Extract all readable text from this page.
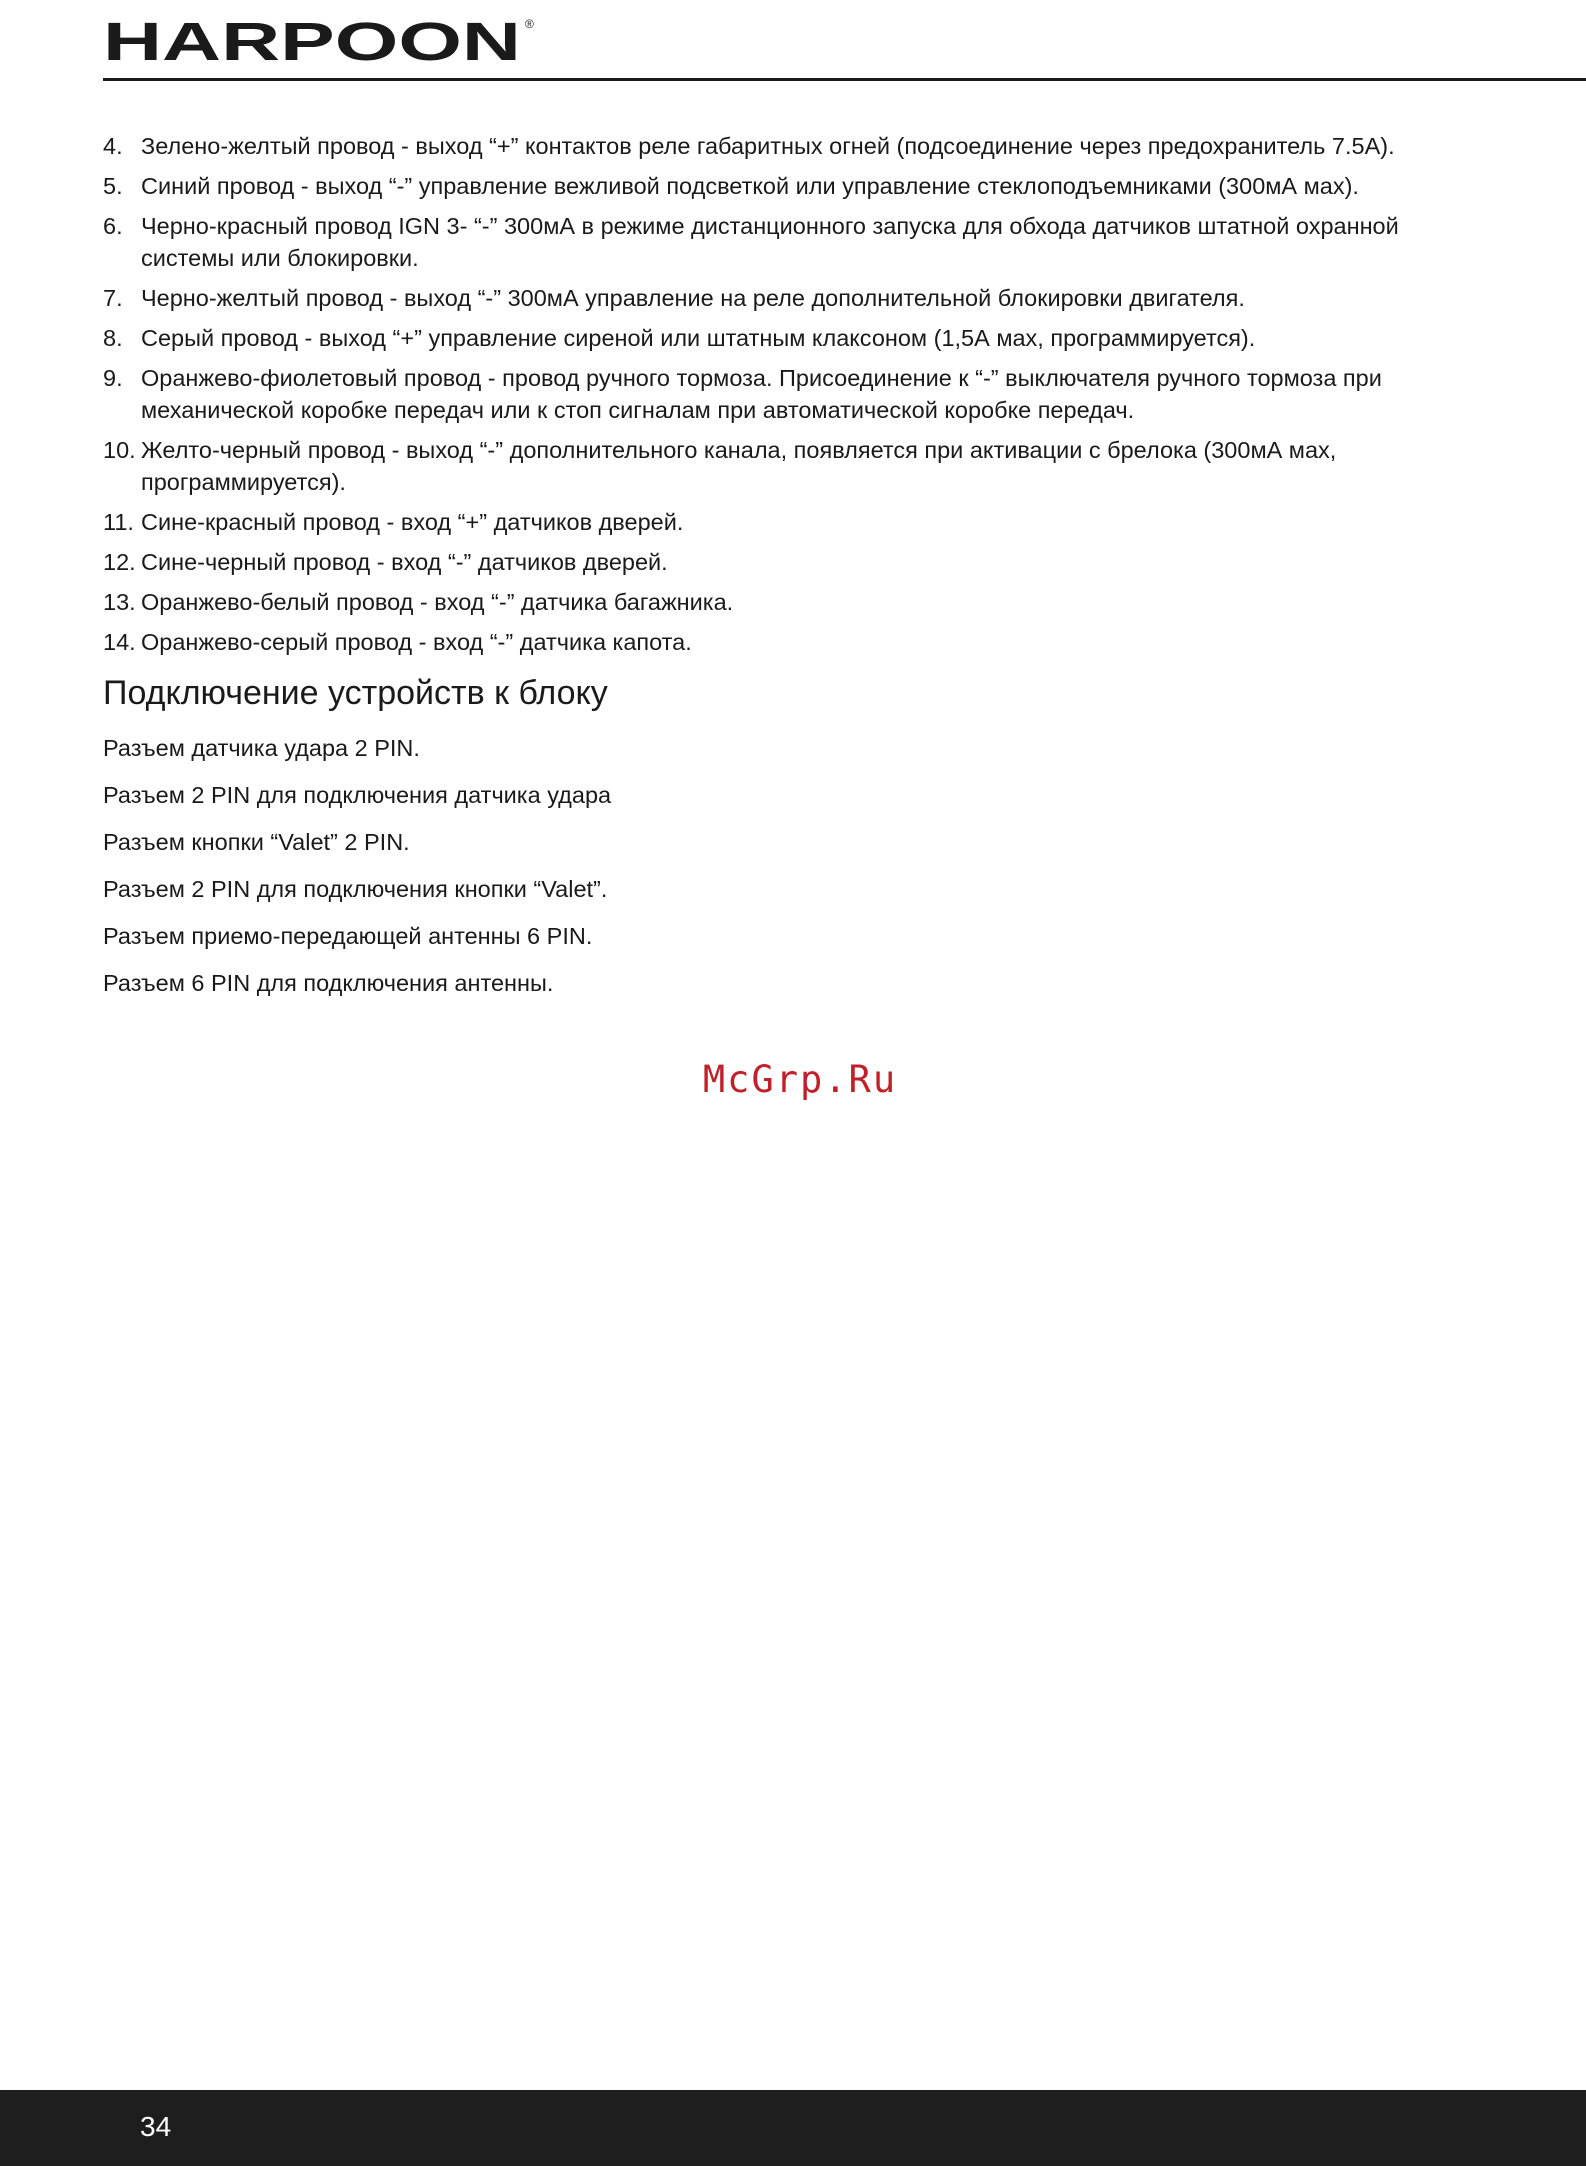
HARPOON ®
4. Зелено-желтый провод - выход “+” контактов реле габаритных огней (подсоединение через предохранитель 7.5A).
5. Синий провод - выход “-” управление вежливой подсветкой или управление стеклоподъемниками (300мА мах).
6. Черно-красный провод IGN 3- “-” 300мА в режиме дистанционного запуска для обхода датчиков штатной охранной системы или блокировки.
7. Черно-желтый провод - выход “-” 300мА управление на реле дополнительной блокировки двигателя.
8. Серый провод - выход “+” управление сиреной или штатным клаксоном (1,5А мах, программируется).
9. Оранжево-фиолетовый провод - провод ручного тормоза. Присоединение к “-” выключателя ручного тормоза при механической коробке передач или к стоп сигналам при автоматической коробке передач.
10. Желто-черный провод - выход “-” дополнительного канала, появляется при активации с брелока (300мА мах, программируется).
11. Сине-красный провод - вход “+” датчиков дверей.
12. Сине-черный провод - вход “-” датчиков дверей.
13. Оранжево-белый провод - вход “-” датчика багажника.
14. Оранжево-серый провод - вход “-” датчика капота.
Подключение устройств к блоку

Разъем датчика удара 2 PIN.

Разъем 2 PIN для подключения датчика удара

Разъем кнопки “Valet” 2 PIN.

Разъем 2 PIN для подключения кнопки “Valet”.

Разъем приемо-передающей антенны 6 PIN.

Разъем 6 PIN для подключения антенны.

McGrp.Ru
34
